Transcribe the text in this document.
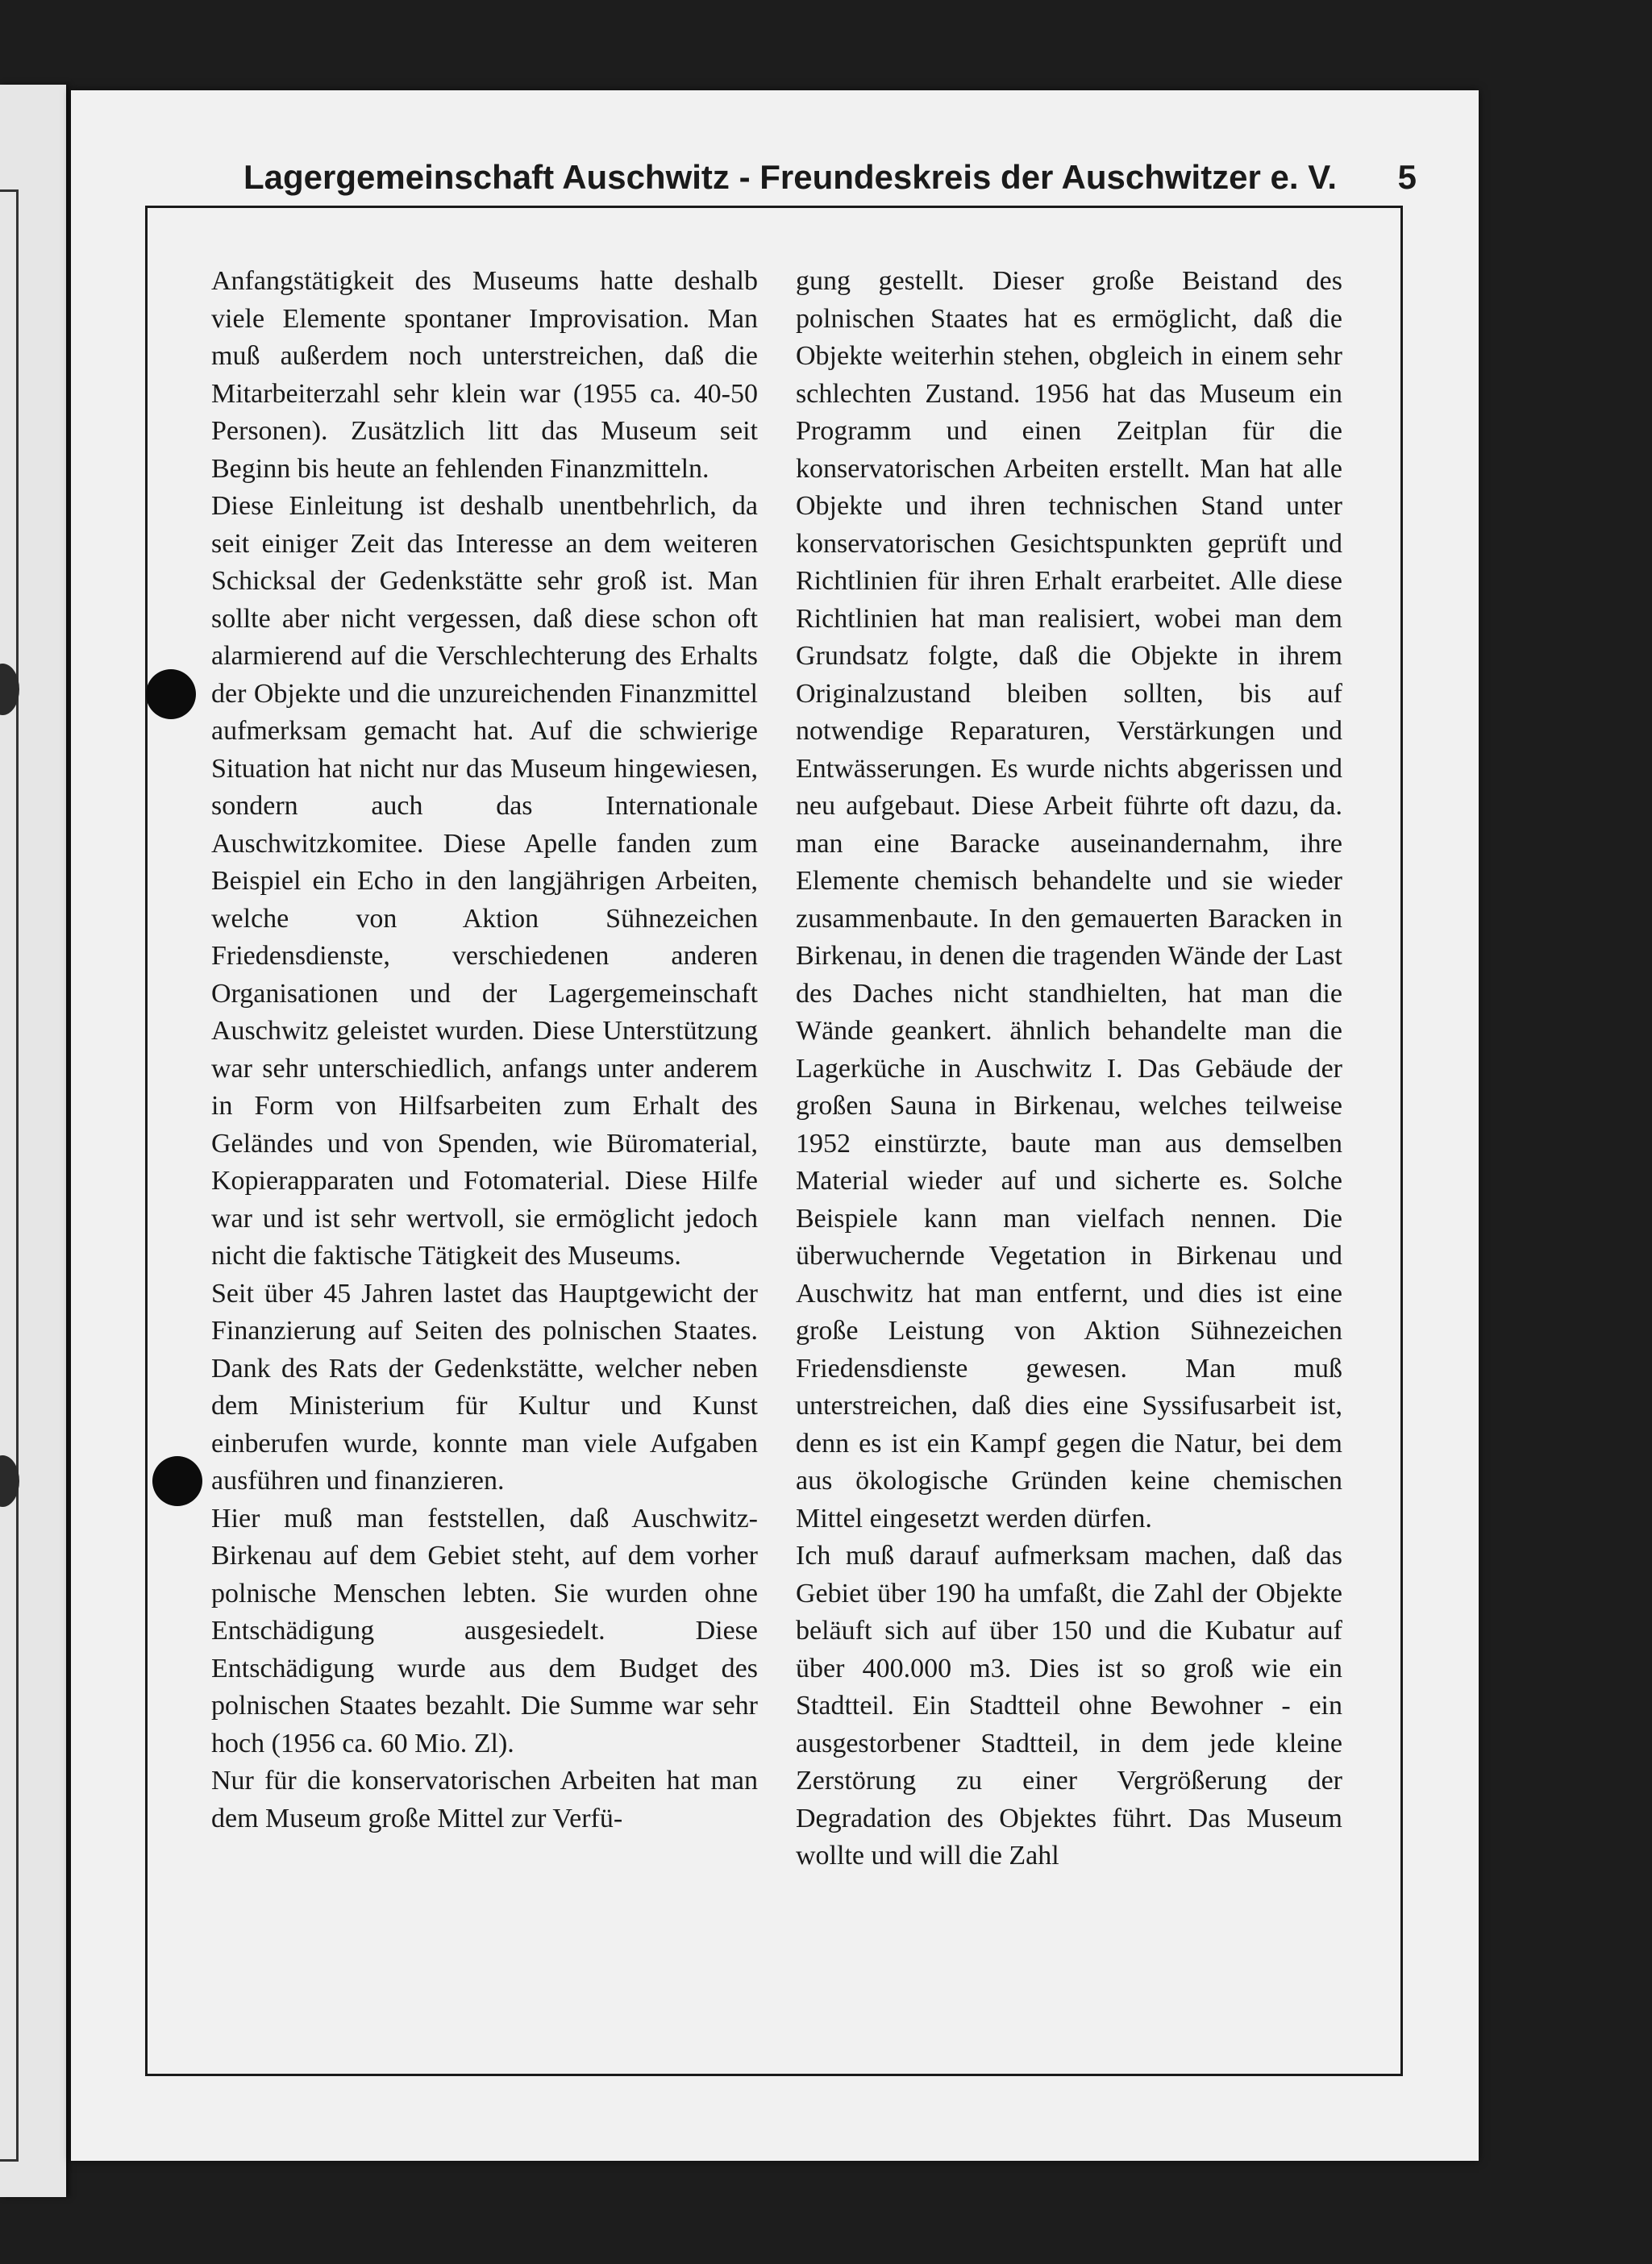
Lagergemeinschaft Auschwitz - Freundeskreis der Auschwitzer e. V. 5

Anfangstätigkeit des Museums hatte deshalb viele Elemente spontaner Improvisation. Man muß außerdem noch unterstreichen, daß die Mitarbeiterzahl sehr klein war (1955 ca. 40-50 Personen). Zusätzlich litt das Museum seit Beginn bis heute an fehlenden Finanzmitteln.

Diese Einleitung ist deshalb unentbehrlich, da seit einiger Zeit das Interesse an dem weiteren Schicksal der Gedenkstätte sehr groß ist. Man sollte aber nicht vergessen, daß diese schon oft alarmierend auf die Verschlechterung des Erhalts der Objekte und die unzureichenden Finanzmittel aufmerksam gemacht hat. Auf die schwierige Situation hat nicht nur das Museum hingewiesen, sondern auch das Internationale Auschwitzkomitee. Diese Apelle fanden zum Beispiel ein Echo in den langjährigen Arbeiten, welche von Aktion Sühnezeichen Friedensdienste, verschiedenen anderen Organisationen und der Lagergemeinschaft Auschwitz geleistet wurden. Diese Unterstützung war sehr unterschiedlich, anfangs unter anderem in Form von Hilfsarbeiten zum Erhalt des Geländes und von Spenden, wie Büromaterial, Kopierapparaten und Fotomaterial. Diese Hilfe war und ist sehr wertvoll, sie ermöglicht jedoch nicht die faktische Tätigkeit des Museums.

Seit über 45 Jahren lastet das Hauptgewicht der Finanzierung auf Seiten des polnischen Staates. Dank des Rats der Gedenkstätte, welcher neben dem Ministerium für Kultur und Kunst einberufen wurde, konnte man viele Aufgaben ausführen und finanzieren.

Hier muß man feststellen, daß Auschwitz-Birkenau auf dem Gebiet steht, auf dem vorher polnische Menschen lebten. Sie wurden ohne Entschädigung ausgesiedelt. Diese Entschädigung wurde aus dem Budget des polnischen Staates bezahlt. Die Summe war sehr hoch (1956 ca. 60 Mio. Zl).

Nur für die konservatorischen Arbeiten hat man dem Museum große Mittel zur Verfü-

gung gestellt. Dieser große Beistand des polnischen Staates hat es ermöglicht, daß die Objekte weiterhin stehen, obgleich in einem sehr schlechten Zustand. 1956 hat das Museum ein Programm und einen Zeitplan für die konservatorischen Arbeiten erstellt. Man hat alle Objekte und ihren technischen Stand unter konservatorischen Gesichtspunkten geprüft und Richtlinien für ihren Erhalt erarbeitet. Alle diese Richtlinien hat man realisiert, wobei man dem Grundsatz folgte, daß die Objekte in ihrem Originalzustand bleiben sollten, bis auf notwendige Reparaturen, Verstärkungen und Entwässerungen. Es wurde nichts abgerissen und neu aufgebaut. Diese Arbeit führte oft dazu, da. man eine Baracke auseinandernahm, ihre Elemente chemisch behandelte und sie wieder zusammenbaute. In den gemauerten Baracken in Birkenau, in denen die tragenden Wände der Last des Daches nicht standhielten, hat man die Wände geankert. ähnlich behandelte man die Lagerküche in Auschwitz I. Das Gebäude der großen Sauna in Birkenau, welches teilweise 1952 einstürzte, baute man aus demselben Material wieder auf und sicherte es. Solche Beispiele kann man vielfach nennen. Die überwuchernde Vegetation in Birkenau und Auschwitz hat man entfernt, und dies ist eine große Leistung von Aktion Sühnezeichen Friedensdienste gewesen. Man muß unterstreichen, daß dies eine Syssifusarbeit ist, denn es ist ein Kampf gegen die Natur, bei dem aus ökologische Gründen keine chemischen Mittel eingesetzt werden dürfen.

Ich muß darauf aufmerksam machen, daß das Gebiet über 190 ha umfaßt, die Zahl der Objekte beläuft sich auf über 150 und die Kubatur auf über 400.000 m3. Dies ist so groß wie ein Stadtteil. Ein Stadtteil ohne Bewohner - ein ausgestorbener Stadtteil, in dem jede kleine Zerstörung zu einer Vergrößerung der Degradation des Objektes führt. Das Museum wollte und will die Zahl
